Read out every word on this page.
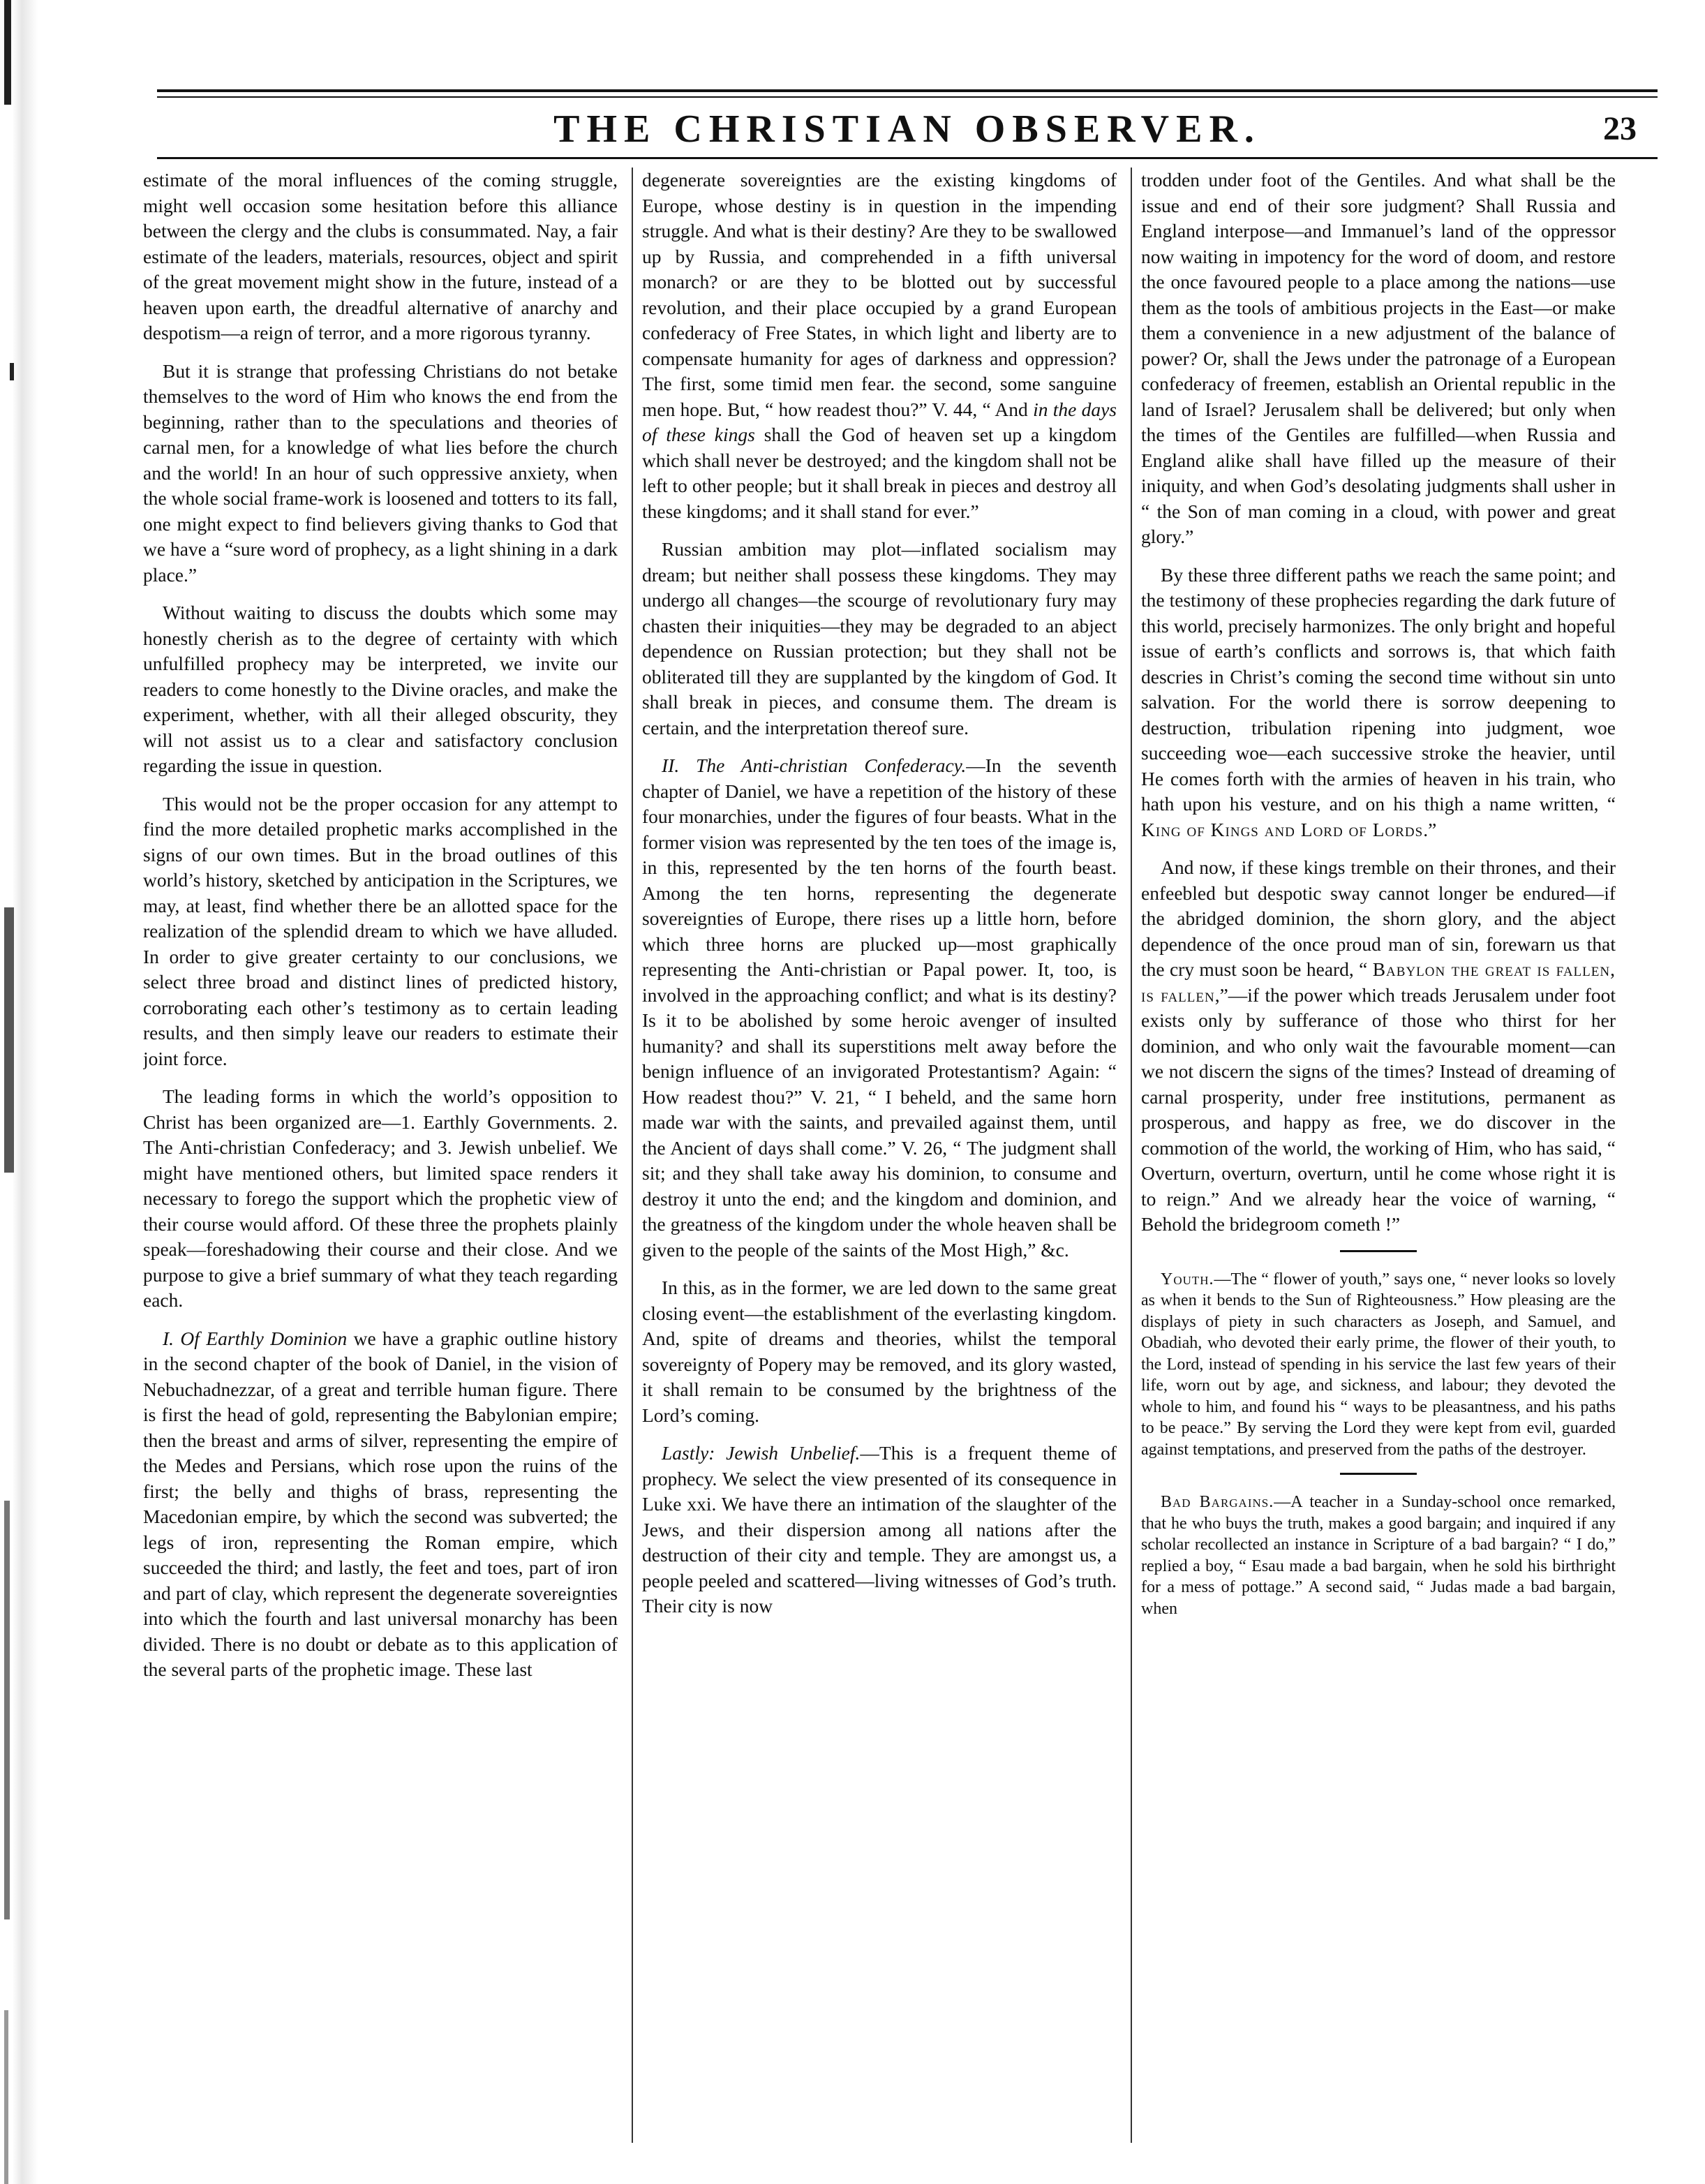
THE CHRISTIAN OBSERVER.	23

estimate of the moral influences of the coming struggle, might well occasion some hesitation before this alliance between the clergy and the clubs is consummated. Nay, a fair estimate of the leaders, materials, resources, object and spirit of the great movement might show in the future, instead of a heaven upon earth, the dreadful alternative of anarchy and despotism—a reign of terror, and a more rigorous tyranny.

But it is strange that professing Christians do not betake themselves to the word of Him who knows the end from the beginning, rather than to the speculations and theories of carnal men, for a knowledge of what lies before the church and the world! In an hour of such oppressive anxiety, when the whole social frame-work is loosened and totters to its fall, one might expect to find believers giving thanks to God that we have a “sure word of prophecy, as a light shining in a dark place.”

Without waiting to discuss the doubts which some may honestly cherish as to the degree of certainty with which unfulfilled prophecy may be interpreted, we invite our readers to come honestly to the Divine oracles, and make the experiment, whether, with all their alleged obscurity, they will not assist us to a clear and satisfactory conclusion regarding the issue in question.

This would not be the proper occasion for any attempt to find the more detailed prophetic marks accomplished in the signs of our own times. But in the broad outlines of this world’s history, sketched by anticipation in the Scriptures, we may, at least, find whether there be an allotted space for the realization of the splendid dream to which we have alluded. In order to give greater certainty to our conclusions, we select three broad and distinct lines of predicted history, corroborating each other’s testimony as to certain leading results, and then simply leave our readers to estimate their joint force.

The leading forms in which the world’s opposition to Christ has been organized are—1. Earthly Governments. 2. The Anti-christian Confederacy; and 3. Jewish unbelief. We might have mentioned others, but limited space renders it necessary to forego the support which the prophetic view of their course would afford. Of these three the prophets plainly speak—foreshadowing their course and their close. And we purpose to give a brief summary of what they teach regarding each.

I. Of Earthly Dominion we have a graphic outline history in the second chapter of the book of Daniel, in the vision of Nebuchadnezzar, of a great and terrible human figure. There is first the head of gold, representing the Babylonian empire; then the breast and arms of silver, representing the empire of the Medes and Persians, which rose upon the ruins of the first; the belly and thighs of brass, representing the Macedonian empire, by which the second was subverted; the legs of iron, representing the Roman empire, which succeeded the third; and lastly, the feet and toes, part of iron and part of clay, which represent the degenerate sovereignties into which the fourth and last universal monarchy has been divided. There is no doubt or debate as to this application of the several parts of the prophetic image. These last

degenerate sovereignties are the existing kingdoms of Europe, whose destiny is in question in the impending struggle. And what is their destiny? Are they to be swallowed up by Russia, and comprehended in a fifth universal monarch? or are they to be blotted out by successful revolution, and their place occupied by a grand European confederacy of Free States, in which light and liberty are to compensate humanity for ages of darkness and oppression? The first, some timid men fear. the second, some sanguine men hope. But, “ how readest thou?” V. 44, “ And in the days of these kings shall the God of heaven set up a kingdom which shall never be destroyed; and the kingdom shall not be left to other people; but it shall break in pieces and destroy all these kingdoms; and it shall stand for ever.”

Russian ambition may plot—inflated socialism may dream; but neither shall possess these kingdoms. They may undergo all changes—the scourge of revolutionary fury may chasten their iniquities—they may be degraded to an abject dependence on Russian protection; but they shall not be obliterated till they are supplanted by the kingdom of God. It shall break in pieces, and consume them. The dream is certain, and the interpretation thereof sure.

II. The Anti-christian Confederacy.—In the seventh chapter of Daniel, we have a repetition of the history of these four monarchies, under the figures of four beasts. What in the former vision was represented by the ten toes of the image is, in this, represented by the ten horns of the fourth beast. Among the ten horns, representing the degenerate sovereignties of Europe, there rises up a little horn, before which three horns are plucked up—most graphically representing the Anti-christian or Papal power. It, too, is involved in the approaching conflict; and what is its destiny? Is it to be abolished by some heroic avenger of insulted humanity? and shall its superstitions melt away before the benign influence of an invigorated Protestantism? Again: “ How readest thou?” V. 21, “ I beheld, and the same horn made war with the saints, and prevailed against them, until the Ancient of days shall come.” V. 26, “ The judgment shall sit; and they shall take away his dominion, to consume and destroy it unto the end; and the kingdom and dominion, and the greatness of the kingdom under the whole heaven shall be given to the people of the saints of the Most High,” &c.

In this, as in the former, we are led down to the same great closing event—the establishment of the everlasting kingdom. And, spite of dreams and theories, whilst the temporal sovereignty of Popery may be removed, and its glory wasted, it shall remain to be consumed by the brightness of the Lord’s coming.

Lastly: Jewish Unbelief.—This is a frequent theme of prophecy. We select the view presented of its consequence in Luke xxi. We have there an intimation of the slaughter of the Jews, and their dispersion among all nations after the destruction of their city and temple. They are amongst us, a people peeled and scattered—living witnesses of God’s truth. Their city is now

trodden under foot of the Gentiles. And what shall be the issue and end of their sore judgment? Shall Russia and England interpose—and Immanuel’s land of the oppressor now waiting in impotency for the word of doom, and restore the once favoured people to a place among the nations—use them as the tools of ambitious projects in the East—or make them a convenience in a new adjustment of the balance of power? Or, shall the Jews under the patronage of a European confederacy of freemen, establish an Oriental republic in the land of Israel? Jerusalem shall be delivered; but only when the times of the Gentiles are fulfilled—when Russia and England alike shall have filled up the measure of their iniquity, and when God’s desolating judgments shall usher in “ the Son of man coming in a cloud, with power and great glory.”

By these three different paths we reach the same point; and the testimony of these prophecies regarding the dark future of this world, precisely harmonizes. The only bright and hopeful issue of earth’s conflicts and sorrows is, that which faith descries in Christ’s coming the second time without sin unto salvation. For the world there is sorrow deepening to destruction, tribulation ripening into judgment, woe succeeding woe—each successive stroke the heavier, until He comes forth with the armies of heaven in his train, who hath upon his vesture, and on his thigh a name written, “ King of Kings and Lord of Lords.”

And now, if these kings tremble on their thrones, and their enfeebled but despotic sway cannot longer be endured—if the abridged dominion, the shorn glory, and the abject dependence of the once proud man of sin, forewarn us that the cry must soon be heard, “ Babylon the great is fallen, is fallen,”—if the power which treads Jerusalem under foot exists only by sufferance of those who thirst for her dominion, and who only wait the favourable moment—can we not discern the signs of the times? Instead of dreaming of carnal prosperity, under free institutions, permanent as prosperous, and happy as free, we do discover in the commotion of the world, the working of Him, who has said, “ Overturn, overturn, overturn, until he come whose right it is to reign.” And we already hear the voice of warning, “ Behold the bridegroom cometh !”

Youth.—The “ flower of youth,” says one, “ never looks so lovely as when it bends to the Sun of Righteousness.” How pleasing are the displays of piety in such characters as Joseph, and Samuel, and Obadiah, who devoted their early prime, the flower of their youth, to the Lord, instead of spending in his service the last few years of their life, worn out by age, and sickness, and labour; they devoted the whole to him, and found his “ ways to be pleasantness, and his paths to be peace.” By serving the Lord they were kept from evil, guarded against temptations, and preserved from the paths of the destroyer.

Bad Bargains.—A teacher in a Sunday-school once remarked, that he who buys the truth, makes a good bargain; and inquired if any scholar recollected an instance in Scripture of a bad bargain? “ I do,” replied a boy, “ Esau made a bad bargain, when he sold his birthright for a mess of pottage.” A second said, “ Judas made a bad bargain, when
